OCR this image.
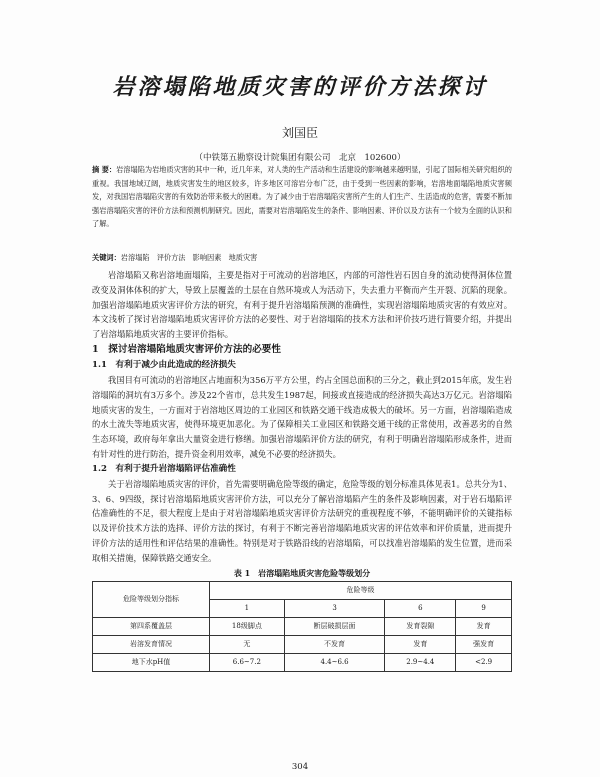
岩溶塌陷地质灾害的评价方法探讨
刘国臣
（中铁第五勘察设计院集团有限公司　北京　102600）
摘 要：岩溶塌陷为岩地质灾害的其中一种，近几年来，对人类的生产活动和生活建设的影响越来越明显，引起了国际相关研究组织的重视。我国地域辽阔，地质灾害发生的地区较多，许多地区可溶岩分布广泛，由于受到一些因素的影响，岩溶地面塌陷地质灾害频发，对我国岩溶塌陷灾害的有效防治带来极大的困难。为了减少由于岩溶塌陷灾害所产生的人们生产、生活造成的危害，需要不断加强岩溶塌陷灾害的评价方法和预测机制研究。因此，需要对岩溶塌陷发生的条件、影响因素、评价以及方法有一个较为全面的认识和了解。
关键词：岩溶塌陷　评价方法　影响因素　地质灾害

岩溶塌陷又称岩溶地面塌陷，主要是指对于可流动的岩溶地区，内部的可溶性岩石因自身的流动使得洞体位置改变及洞体体积的扩大，导致上层覆盖的土层在自然环境或人为活动下，失去重力平衡而产生开裂、沉陷的现象。加强岩溶塌陷地质灾害评价方法的研究，有利于提升岩溶塌陷预测的准确性，实现岩溶塌陷地质灾害的有效应对。本文浅析了探讨岩溶塌陷地质灾害评价方法的必要性、对于岩溶塌陷的技术方法和评价技巧进行简要介绍，并提出了岩溶塌陷地质灾害的主要评价指标。

1　探讨岩溶塌陷地质灾害评价方法的必要性
1.1　有利于减少由此造成的经济损失

我国目有可流动的岩溶地区占地面积为356万平方公里，约占全国总面积的三分之，截止到2015年底，发生岩溶塌陷的洞坑有3万多个。涉及22个省市，总共发生1987起，间接或直接造成的经济损失高达3万亿元。岩溶塌陷地质灾害的发生，一方面对于岩溶地区周边的工业园区和铁路交通干线造成极大的破坏。另一方面，岩溶塌陷造成的水土流失等地质灾害，使得环境更加恶化。为了保障相关工业园区和铁路交通干线的正常使用，改善恶劣的自然生态环境，政府每年拿出大量资金进行修缮。加强岩溶塌陷评价方法的研究，有利于明确岩溶塌陷形成条件，进而有针对性的进行防治，提升资金利用效率，减免不必要的经济损失。

1.2　有利于提升岩溶塌陷评估准确性

关于岩溶塌陷地质灾害的评价，首先需要明确危险等级的确定，危险等级的划分标准具体见表1。总共分为1、3、6、9四级，探讨岩溶塌陷地质灾害评价方法，可以充分了解岩溶塌陷产生的条件及影响因素，对于岩石塌陷评估准确性的不足，很大程度上是由于对岩溶塌陷地质灾害评价方法研究的重视程度不够，不能明确评价的关键指标以及评价技术方法的选择、评价方法的探讨，有利于不断完善岩溶塌陷地质灾害的评估效率和评价质量，进而提升评价方法的适用性和评估结果的准确性。特别是对于铁路沿线的岩溶塌陷，可以找准岩溶塌陷的发生位置，进而采取相关措施，保障铁路交通安全。

表 1　岩溶塌陷地质灾害危险等级划分
危险等级划分指标	危险等级			
	1	3	6	9
第四系覆盖层	18级脚点	断层破损层面	发育裂隙	发育
岩溶发育情况	无	不发育	发育	强发育
地下水pH值	6.6~7.2	4.4~6.6	2.9~4.4	<2.9
304
